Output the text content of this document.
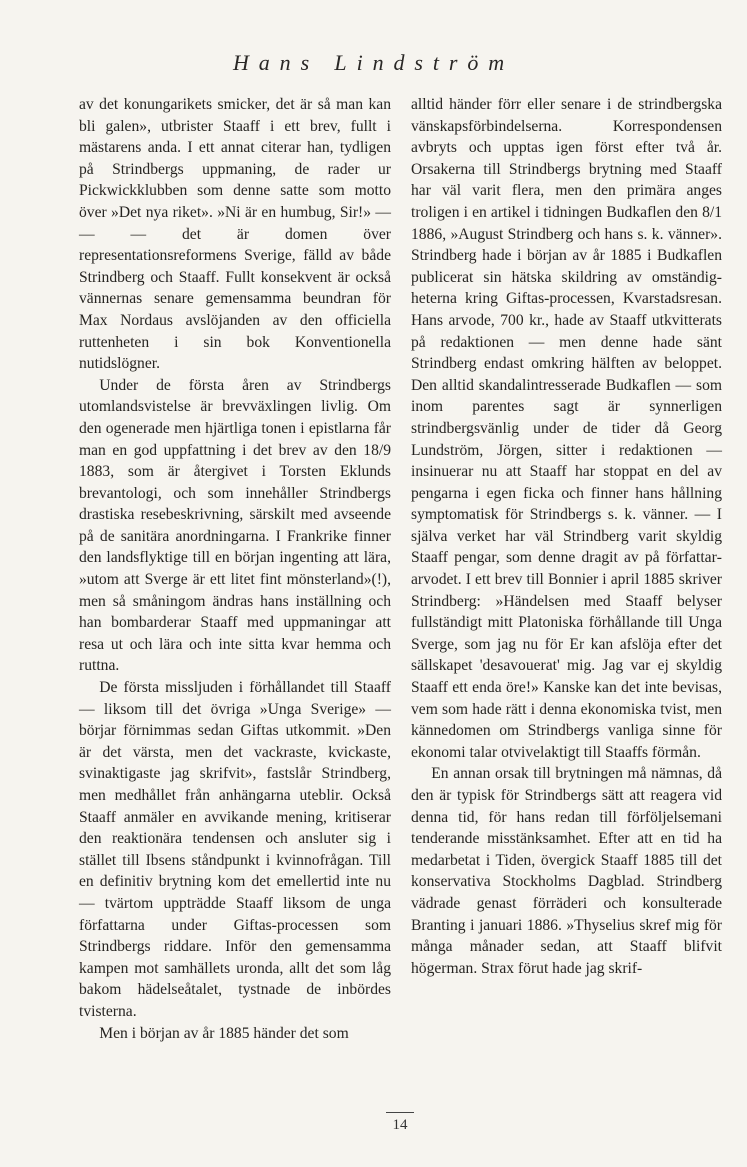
Hans Lindström

av det konungarikets smicker, det är så man kan bli galen», utbrister Staaff i ett brev, fullt i mästarens anda. I ett annat citerar han, tydligen på Strindbergs uppmaning, de rader ur Pickwickklubben som denne satte som motto över »Det nya riket». »Ni är en humbug, Sir!» — — — det är domen över representationsreformens Sverige, fälld av både Strindberg och Staaff. Fullt konsekvent är också vännernas senare gemensamma beundran för Max Nordaus avslöjanden av den officiella ruttenheten i sin bok Konventionella nutidslögner.

Under de första åren av Strindbergs utomlandsvistelse är brevväxlingen livlig. Om den ogenerade men hjärtliga tonen i epistlarna får man en god uppfattning i det brev av den 18/9 1883, som är återgivet i Torsten Eklunds brevantologi, och som innehåller Strindbergs drastiska resebeskrivning, särskilt med avseende på de sanitära anordningarna. I Frankrike finner den landsflyktige till en början ingenting att lära, »utom att Sverge är ett litet fint mönsterland»(!), men så småningom ändras hans inställning och han bombarderar Staaff med uppmaningar att resa ut och lära och inte sitta kvar hemma och ruttna.

De första missljuden i förhållandet till Staaff — liksom till det övriga »Unga Sverige» — börjar förnimmas sedan Giftas utkommit. »Den är det värsta, men det vackraste, kvickaste, svinaktigaste jag skrifvit», fastslår Strindberg, men medhållet från anhängarna uteblir. Också Staaff anmäler en avvikande mening, kritiserar den reaktionära tendensen och ansluter sig i stället till Ibsens ståndpunkt i kvinnofrågan. Till en definitiv brytning kom det emellertid inte nu — tvärtom uppträdde Staaff liksom de unga författarna under Giftas-processen som Strindbergs riddare. Inför den gemensamma kampen mot samhällets uronda, allt det som låg bakom hädelseåtalet, tystnade de inbördes tvisterna.

Men i början av år 1885 händer det som

alltid händer förr eller senare i de strindbergska vänskapsförbindelserna. Korrespondensen avbryts och upptas igen först efter två år. Orsakerna till Strindbergs brytning med Staaff har väl varit flera, men den primära anges troligen i en artikel i tidningen Budkaflen den 8/1 1886, »August Strindberg och hans s. k. vänner». Strindberg hade i början av år 1885 i Budkaflen publicerat sin hätska skildring av omständigheterna kring Giftas-processen, Kvarstadsresan. Hans arvode, 700 kr., hade av Staaff utkvitterats på redaktionen — men denne hade sänt Strindberg endast omkring hälften av beloppet. Den alltid skandalintresserade Budkaflen — som inom parentes sagt är synnerligen strindbergsvänlig under de tider då Georg Lundström, Jörgen, sitter i redaktionen — insinuerar nu att Staaff har stoppat en del av pengarna i egen ficka och finner hans hållning symptomatisk för Strindbergs s. k. vänner. — I själva verket har väl Strindberg varit skyldig Staaff pengar, som denne dragit av på författararvodet. I ett brev till Bonnier i april 1885 skriver Strindberg: »Händelsen med Staaff belyser fullständigt mitt Platoniska förhållande till Unga Sverge, som jag nu för Er kan afslöja efter det sällskapet 'desavouerat' mig. Jag var ej skyldig Staaff ett enda öre!» Kanske kan det inte bevisas, vem som hade rätt i denna ekonomiska tvist, men kännedomen om Strindbergs vanliga sinne för ekonomi talar otvivelaktigt till Staaffs förmån.

En annan orsak till brytningen må nämnas, då den är typisk för Strindbergs sätt att reagera vid denna tid, för hans redan till förföljelsemani tenderande misstänksamhet. Efter att en tid ha medarbetat i Tiden, övergick Staaff 1885 till det konservativa Stockholms Dagblad. Strindberg vädrade genast förräderi och konsulterade Branting i januari 1886. »Thyselius skref mig för många månader sedan, att Staaff blifvit högerman. Strax förut hade jag skrif-

14
